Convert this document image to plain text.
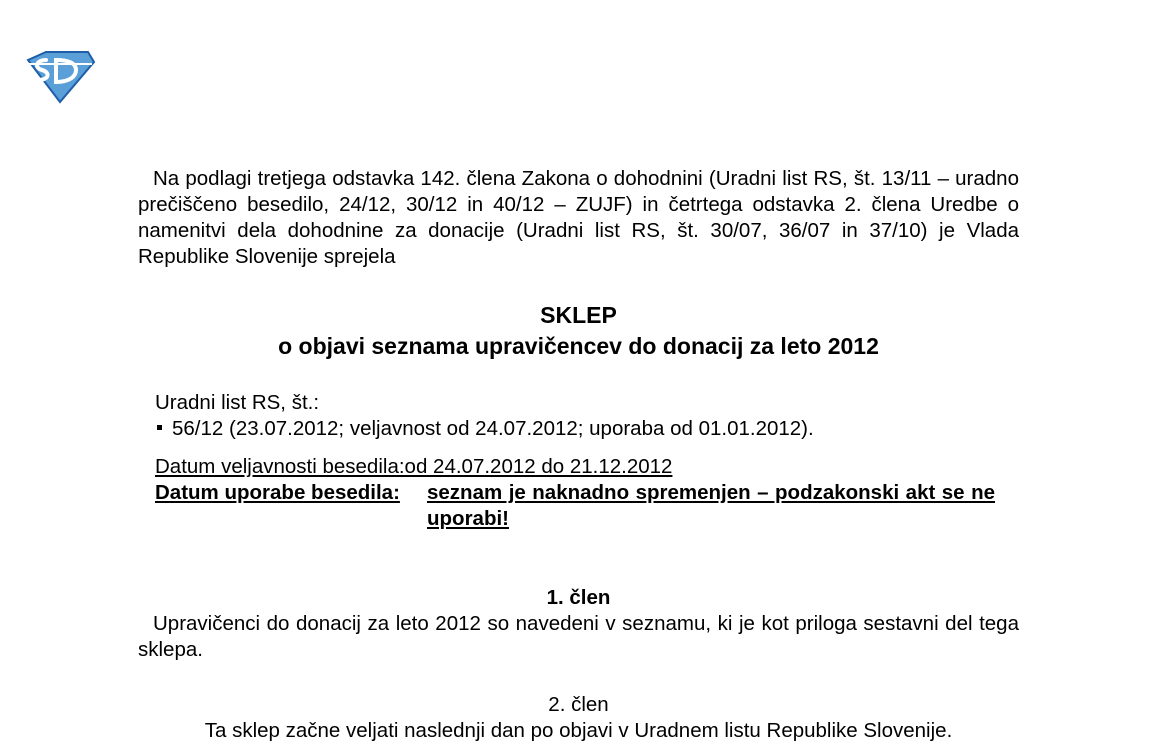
Na podlagi tretjega odstavka 142. člena Zakona o dohodnini (Uradni list RS, št. 13/11 – uradno prečiščeno besedilo, 24/12, 30/12 in 40/12 – ZUJF) in četrtega odstavka 2. člena Uredbe o namenitvi dela dohodnine za donacije (Uradni list RS, št. 30/07, 36/07 in 37/10) je Vlada Republike Slovenije sprejela
SKLEP
o objavi seznama upravičencev do donacij za leto 2012
Uradni list RS, št.:
56/12 (23.07.2012; veljavnost od 24.07.2012; uporaba od 01.01.2012).
Datum veljavnosti besedila:od 24.07.2012 do 21.12.2012
Datum uporabe besedila: seznam je naknadno spremenjen – podzakonski akt se ne uporabi!
1. člen
Upravičenci do donacij za leto 2012 so navedeni v seznamu, ki je kot priloga sestavni del tega sklepa.
2. člen
Ta sklep začne veljati naslednji dan po objavi v Uradnem listu Republike Slovenije.
